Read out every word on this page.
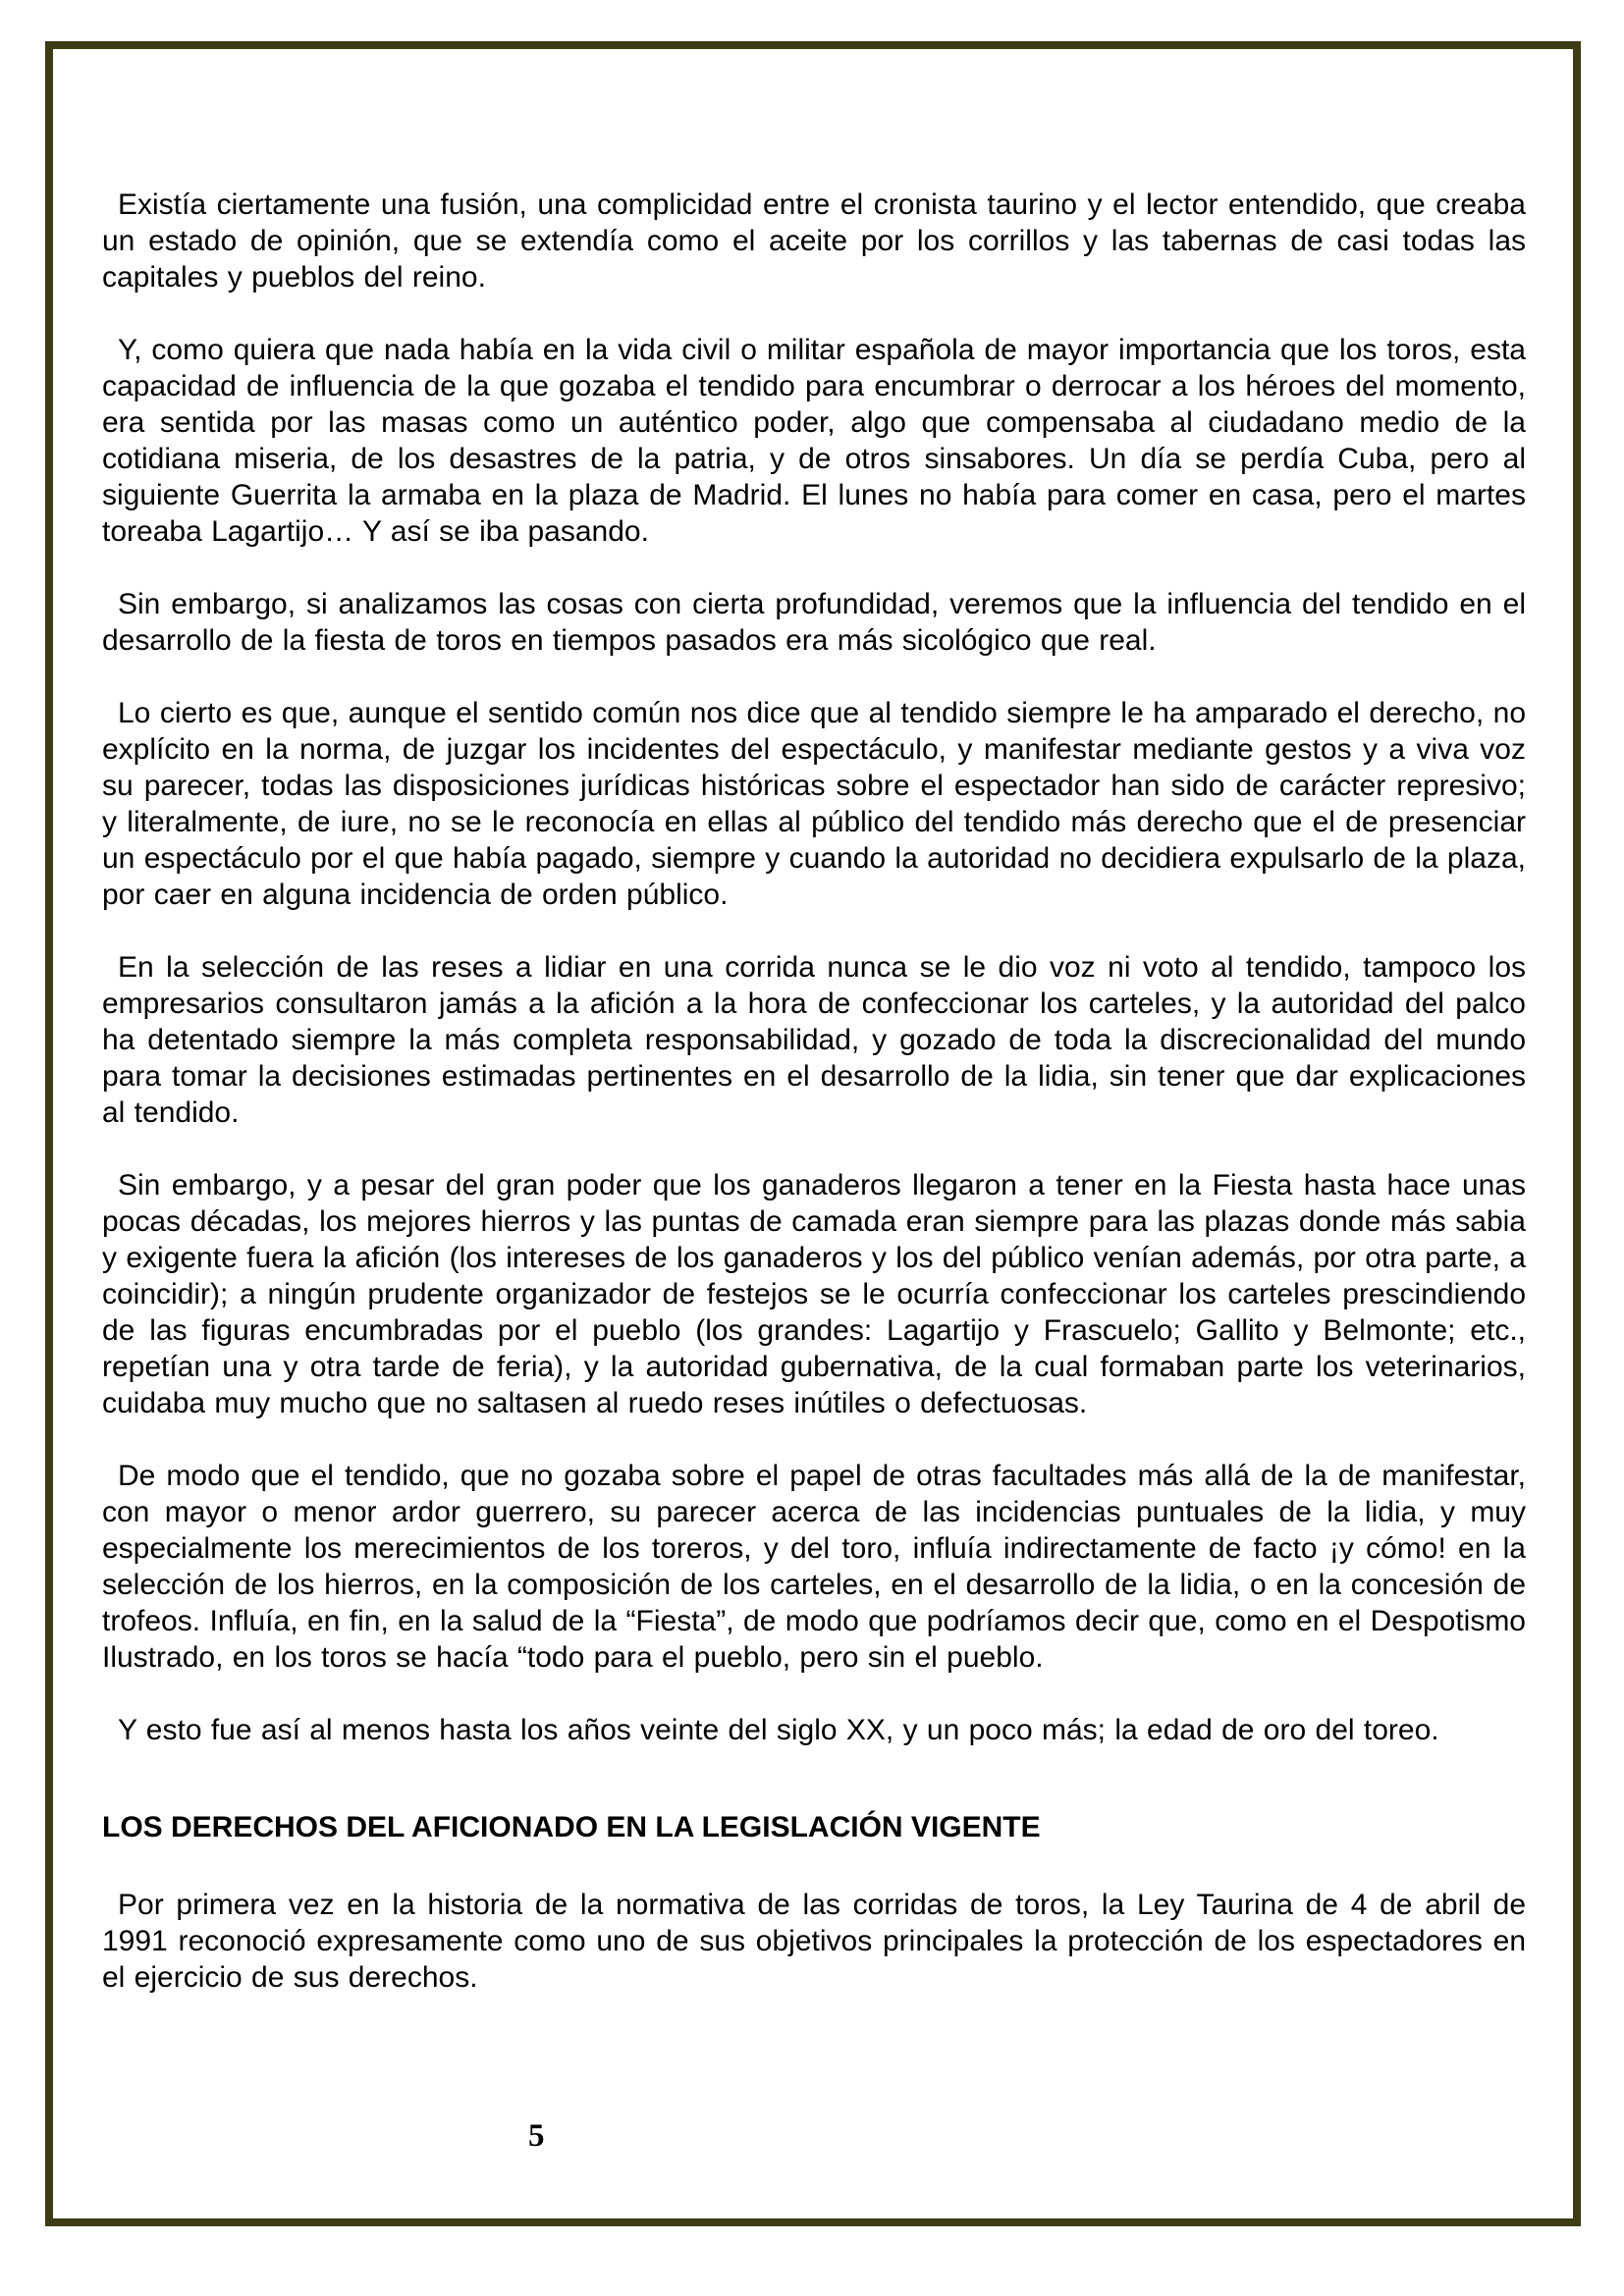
Existía ciertamente una fusión, una complicidad entre el cronista taurino y el lector entendido, que creaba un estado de opinión, que se extendía como el aceite por los corrillos y las tabernas de casi todas las capitales y pueblos del reino.

Y, como quiera que nada había en la vida civil o militar española de mayor importancia que los toros, esta capacidad de influencia de la que gozaba el tendido para encumbrar o derrocar a los héroes del momento, era sentida por las masas como un auténtico poder, algo que compensaba al ciudadano medio de la cotidiana miseria, de los desastres de la patria, y de otros sinsabores. Un día se perdía Cuba, pero al siguiente Guerrita la armaba en la plaza de Madrid. El lunes no había para comer en casa, pero el martes toreaba Lagartijo… Y así se iba pasando.

Sin embargo, si analizamos las cosas con cierta profundidad, veremos que la influencia del tendido en el desarrollo de la fiesta de toros en tiempos pasados era más sicológico que real.

Lo cierto es que, aunque el sentido común nos dice que al tendido siempre le ha amparado el derecho, no explícito en la norma, de juzgar los incidentes del espectáculo, y manifestar mediante gestos y a viva voz su parecer, todas las disposiciones jurídicas históricas sobre el espectador han sido de carácter represivo; y literalmente, de iure, no se le reconocía en ellas al público del tendido más derecho que el de presenciar un espectáculo por el que había pagado, siempre y cuando la autoridad no decidiera expulsarlo de la plaza, por caer en alguna incidencia de orden público.

En la selección de las reses a lidiar en una corrida nunca se le dio voz ni voto al tendido, tampoco los empresarios consultaron jamás a la afición a la hora de confeccionar los carteles, y la autoridad del palco ha detentado siempre la más completa responsabilidad, y gozado de toda la discrecionalidad del mundo para tomar la decisiones estimadas pertinentes en el desarrollo de la lidia, sin tener que dar explicaciones al tendido.

Sin embargo, y a pesar del gran poder que los ganaderos llegaron a tener en la Fiesta hasta hace unas pocas décadas, los mejores hierros y las puntas de camada eran siempre para las plazas donde más sabia y exigente fuera la afición (los intereses de los ganaderos y los del público venían además, por otra parte, a coincidir); a ningún prudente organizador de festejos se le ocurría confeccionar los carteles prescindiendo de las figuras encumbradas por el pueblo (los grandes: Lagartijo y Frascuelo; Gallito y Belmonte; etc., repetían una y otra tarde de feria), y la autoridad gubernativa, de la cual formaban parte los veterinarios, cuidaba muy mucho que no saltasen al ruedo reses inútiles o defectuosas.

De modo que el tendido, que no gozaba sobre el papel de otras facultades más allá de la de manifestar, con mayor o menor ardor guerrero, su parecer acerca de las incidencias puntuales de la lidia, y muy especialmente los merecimientos de los toreros, y del toro, influía indirectamente de facto ¡y cómo! en la selección de los hierros, en la composición de los carteles, en el desarrollo de la lidia, o en la concesión de trofeos. Influía, en fin, en la salud de la “Fiesta”, de modo que podríamos decir que, como en el Despotismo Ilustrado, en los toros se hacía “todo para el pueblo, pero sin el pueblo.

Y esto fue así al menos hasta los años veinte del siglo XX, y un poco más; la edad de oro del toreo.

LOS DERECHOS DEL AFICIONADO EN LA LEGISLACIÓN VIGENTE

Por primera vez en la historia de la normativa de las corridas de toros, la Ley Taurina de 4 de abril de 1991 reconoció expresamente como uno de sus objetivos principales la protección de los espectadores en el ejercicio de sus derechos.

5
